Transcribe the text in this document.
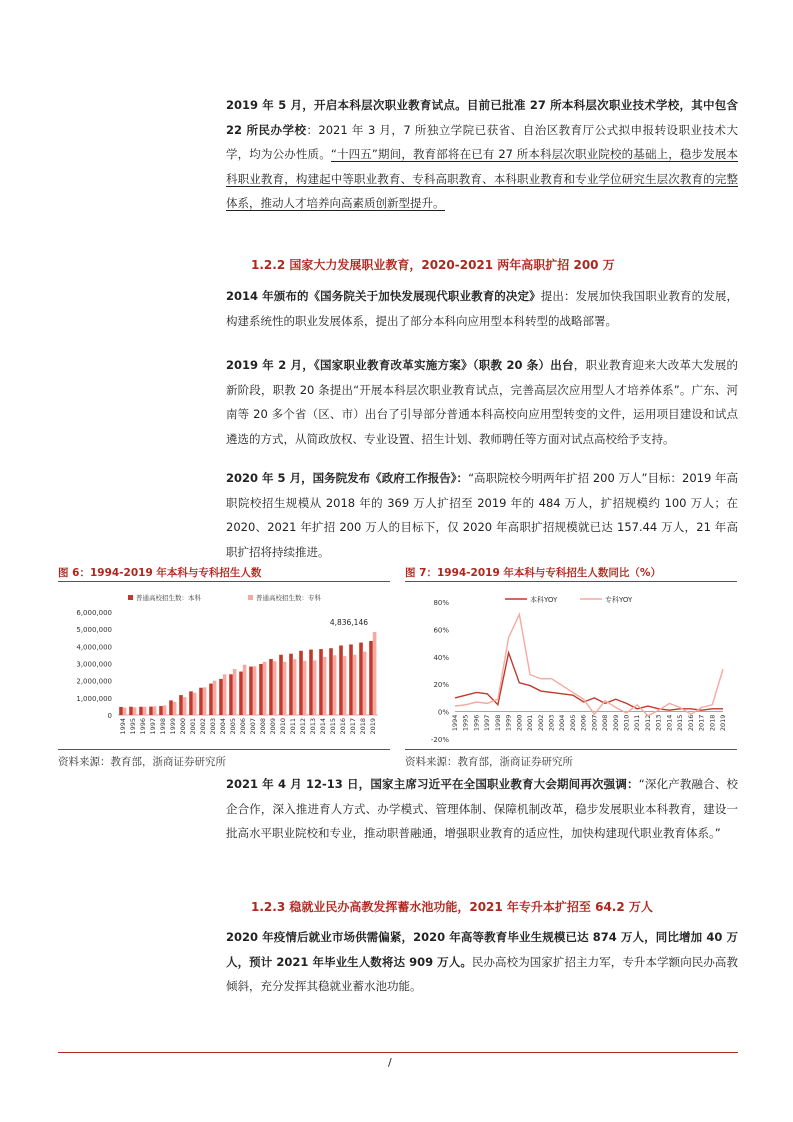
2019 年 5 月，开启本科层次职业教育试点。目前已批准 27 所本科层次职业技术学校，其中包含 22 所民办学校：2021 年 3 月，7 所独立学院已获省、自治区教育厅公式拟申报转设职业技术大学，均为公办性质。“十四五”期间，教育部将在已有 27 所本科层次职业院校的基础上，稳步发展本科职业教育，构建起中等职业教育、专科高职教育、本科职业教育和专业学位研究生层次教育的完整体系，推动人才培养向高素质创新型提升。
1.2.2 国家大力发展职业教育，2020-2021 两年高职扩招 200 万
2014 年颁布的《国务院关于加快发展现代职业教育的决定》提出：发展加快我国职业教育的发展，构建系统性的职业发展体系，提出了部分本科向应用型本科转型的战略部署。
2019 年 2 月，《国家职业教育改革实施方案》（职教 20 条）出台，职业教育迎来大改革大发展的新阶段，职教 20 条提出“开展本科层次职业教育试点，完善高层次应用型人才培养体系”。广东、河南等 20 多个省（区、市）出台了引导部分普通本科高校向应用型转变的文件，运用项目建设和试点遴选的方式，从简政放权、专业设置、招生计划、教师聘任等方面对试点高校给予支持。
2020 年 5 月，国务院发布《政府工作报告》：“高职院校今明两年扩招 200 万人”目标：2019 年高职院校招生规模从 2018 年的 369 万人扩招至 2019 年的 484 万人，扩招规模约 100 万人；在 2020、2021 年扩招 200 万人的目标下，仅 2020 年高职扩招规模就已达 157.44 万人，21 年高职扩招将持续推进。
图 6：1994-2019 年本科与专科招生人数	图 7：1994-2019 年本科与专科招生人数同比（%）
0
1,000,000
2,000,000
3,000,000
4,000,000
5,000,000
6,000,000
1994 1995 1996 1997 1998 1999 2000 2001 2002 2003 2004 2005 2006 2007 2008 2009 2010 2011 2012 2013 2014 2015 2016 2017 2018 2019
4,836,146
普通高校招生数：本科	普通高校招生数：专科
-20%
0%
20%
40%
60%
80%
1994 1995 1996 1997 1998 1999 2000 2001 2002 2003 2004 2005 2006 2007 2008 2009 2010 2011 2012 2013 2014 2015 2016 2017 2018 2019
本科YOY	专科YOY
资料来源：教育部，浙商证券研究所	资料来源：教育部，浙商证券研究所
2021 年 4 月 12-13 日，国家主席习近平在全国职业教育大会期间再次强调：“深化产教融合、校企合作，深入推进育人方式、办学模式、管理体制、保障机制改革，稳步发展职业本科教育，建设一批高水平职业院校和专业，推动职普融通，增强职业教育的适应性，加快构建现代职业教育体系。”
1.2.3 稳就业民办高教发挥蓄水池功能，2021 年专升本扩招至 64.2 万人
2020 年疫情后就业市场供需偏紧，2020 年高等教育毕业生规模已达 874 万人，同比增加 40 万人，预计 2021 年毕业生人数将达 909 万人。民办高校为国家扩招主力军，专升本学额向民办高教倾斜，充分发挥其稳就业蓄水池功能。
/
